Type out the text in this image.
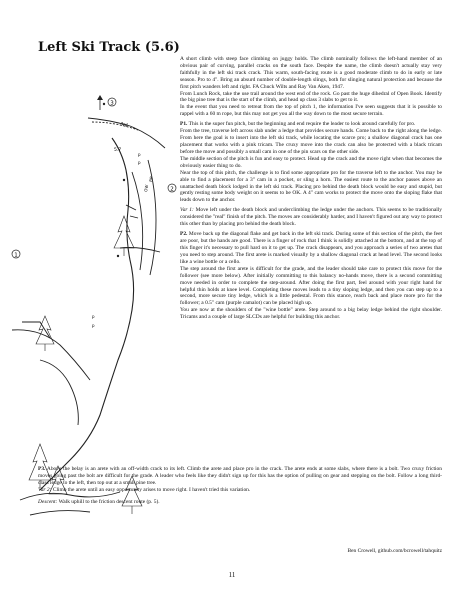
Left Ski Track (5.6)
3
2
1
3rd
5.7
p
p
OW
RP
p
p

A short climb with steep face climbing on juggy holds. The climb nominally follows the left-hand member of an obvious pair of curving, parallel cracks on the south face. Despite the name, the climb doesn't actually stay very faithfully in the left ski track crack. This warm, south-facing route is a good moderate climb to do in early or late season. Pro to 4". Bring an absurd number of double-length slings, both for slinging natural protection and because the first pitch wanders left and right. FA Chuck Wilts and Ray Van Aken, 1947.

From Lunch Rock, take the use trail around the west end of the rock. Go past the huge dihedral of Open Book. Identify the big pine tree that is the start of the climb, and head up class 3 slabs to get to it.

In the event that you need to retreat from the top of pitch 1, the information I've seen suggests that it is possible to rappel with a 60 m rope, but this may not get you all the way down to the most secure terrain.

P1. This is the super fun pitch, but the beginning and end require the leader to look around carefully for pro.

From the tree, traverse left across slab under a ledge that provides secure hands. Come back to the right along the ledge. From here the goal is to insert into the left ski track, while locating the scarce pro; a shallow diagonal crack has one placement that works with a pink tricam. The cruxy move into the crack can also be protected with a black tricam before the move and possibly a small cam in one of the pin scars on the other side.

The middle section of the pitch is fun and easy to protect. Head up the crack and the move right when that becomes the obviously easier thing to do.

Near the top of this pitch, the challenge is to find some appropriate pro for the traverse left to the anchor. You may be able to find a placement for a 3" cam in a pocket, or sling a horn. The easiest route to the anchor passes above an unattached death block lodged in the left ski track. Placing pro behind the death block would be easy and stupid, but gently resting some body weight on it seems to be OK. A 4" cam works to protect the move onto the sloping flake that leads down to the anchor.

Var 1: Move left under the death block and underclimbing the ledge under the anchors. This seems to be traditionally considered the "real" finish of the pitch. The moves are considerably harder, and I haven't figured out any way to protect this other than by placing pro behind the death block.

P2. Move back up the diagonal flake and get back in the left ski track. During some of this section of the pitch, the feet are poor, but the hands are good. There is a finger of rock that I think is solidly attached at the bottom, and at the top of this finger it's necessary to pull hard on it to get up. The crack disappears, and you approach a series of two aretes that you need to step around. The first arete is marked visually by a shallow diagonal crack at head level. The second looks like a wine bottle or a cello.

The step around the first arete is difficult for the grade, and the leader should take care to protect this move for the follower (see more below). After initially committing to this balancy no-hands move, there is a second committing move needed in order to complete the step-around. After doing the first part, feel around with your right hand for helpful thin holds at knee level. Completing these moves leads to a tiny sloping ledge, and then you can step up to a second, more secure tiny ledge, which is a little pedestal. From this stance, reach back and place more pro for the follower; a 0.5" cam (purple camalot) can be placed high up.

You are now at the shoulders of the "wine bottle" arete. Step around to a big belay ledge behind the right shoulder. Tricams and a couple of large SLCDs are helpful for building this anchor.

P3. Above the belay is an arete with an off-width crack to its left. Climb the arete and place pro in the crack. The arete ends at some slabs, where there is a bolt. Two cruxy friction moves going past the bolt are difficult for the grade. A leader who feels like they didn't sign up for this has the option of pulling on gear and stepping on the bolt. Follow a long third-class ledge to the left, then top out at a small pine tree.

Var 2: Climb the arete until an easy opportunity arises to move right. I haven't tried this variation.

Descent: Walk uphill to the friction descent route (p. 5).

Ben Crowell, github.com/bcrowell/tahquitz
11
